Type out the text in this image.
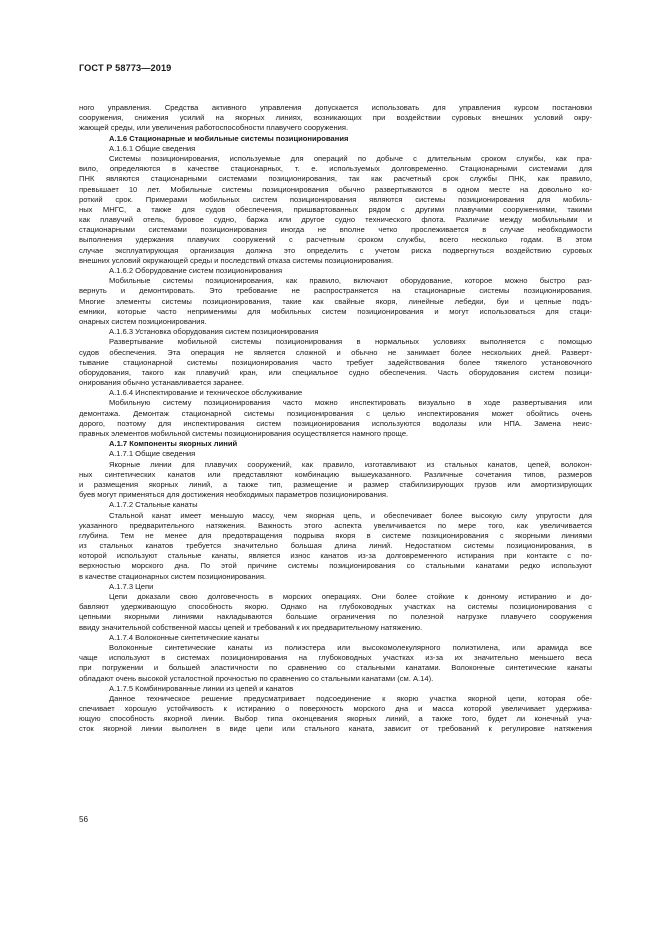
ГОСТ Р 58773—2019
ного управления. Средства активного управления допускается использовать для управления курсом постановки
сооружения, снижения усилий на якорных линиях, возникающих при воздействии суровых внешних условий окру-
жающей среды, или увеличения работоспособности плавучего сооружения.
А.1.6 Стационарные и мобильные системы позиционирования
А.1.6.1 Общие сведения
Системы позиционирования, используемые для операций по добыче с длительным сроком службы, как пра-
вило, определяются в качестве стационарных, т. е. используемых долговременно. Стационарными системами для
ПНК являются стационарными системами позиционирования, так как расчетный срок службы ПНК, как правило,
превышает 10 лет. Мобильные системы позиционирования обычно развертываются в одном месте на довольно ко-
роткий срок. Примерами мобильных систем позиционирования являются системы позиционирования для мобиль-
ных МНГС, а также для судов обеспечения, пришвартованных рядом с другими плавучими сооружениями, такими
как плавучий отель, буровое судно, баржа или другое судно технического флота. Различие между мобильными и
стационарными системами позиционирования иногда не вполне четко прослеживается в случае необходимости
выполнения удержания плавучих сооружений с расчетным сроком службы, всего несколько годам. В этом
случае эксплуатирующая организация должна это определить с учетом риска подвергнуться воздействию суровых
внешних условий окружающей среды и последствий отказа системы позиционирования.
А.1.6.2 Оборудование систем позиционирования
Мобильные системы позиционирования, как правило, включают оборудование, которое можно быстро раз-
вернуть и демонтировать. Это требование не распространяется на стационарные системы позиционирования.
Многие элементы системы позиционирования, такие как свайные якоря, линейные лебедки, буи и цепные подъ-
емники, которые часто неприменимы для мобильных систем позиционирования и могут использоваться для стаци-
онарных систем позиционирования.
А.1.6.3 Установка оборудования систем позиционирования
Развертывание мобильной системы позиционирования в нормальных условиях выполняется с помощью
судов обеспечения. Эта операция не является сложной и обычно не занимает более нескольких дней. Разверт-
тывание стационарной системы позиционирования часто требует задействования более тяжелого установочного
оборудования, такого как плавучий кран, или специальное судно обеспечения. Часть оборудования систем позици-
онирования обычно устанавливается заранее.
А.1.6.4 Инспектирование и техническое обслуживание
Мобильную систему позиционирования часто можно инспектировать визуально в ходе развертывания или
демонтажа. Демонтаж стационарной системы позиционирования с целью инспектирования может обойтись очень
дорого, поэтому для инспектирования систем позиционирования используются водолазы или НПА. Замена неис-
правных элементов мобильной системы позиционирования осуществляется намного проще.
А.1.7 Компоненты якорных линий
А.1.7.1 Общие сведения
Якорные линии для плавучих сооружений, как правило, изготавливают из стальных канатов, цепей, волокон-
ных синтетических канатов или представляют комбинацию вышеуказанного. Различные сочетания типов, размеров
и размещения якорных линий, а также тип, размещение и размер стабилизирующих грузов или амортизирующих
буев могут применяться для достижения необходимых параметров позиционирования.
А.1.7.2 Стальные канаты
Стальной канат имеет меньшую массу, чем якорная цепь, и обеспечивает более высокую силу упругости для
указанного предварительного натяжения. Важность этого аспекта увеличивается по мере того, как увеличивается
глубина. Тем не менее для предотвращения подрыва якоря в системе позиционирования с якорными линиями
из стальных канатов требуется значительно большая длина линий. Недостатком системы позиционирования, в
которой используют стальные канаты, является износ канатов из-за долговременного истирания при контакте с по-
верхностью морского дна. По этой причине системы позиционирования со стальными канатами редко используют
в качестве стационарных систем позиционирования.
А.1.7.3 Цепи
Цепи доказали свою долговечность в морских операциях. Они более стойкие к донному истиранию и до-
бавляют удерживающую способность якорю. Однако на глубоководных участках на системы позиционирования с
цепными якорными линиями накладываются большие ограничения по полезной нагрузке плавучего сооружения
ввиду значительной собственной массы цепей и требований к их предварительному натяжению.
А.1.7.4 Волоконные синтетические канаты
Волоконные синтетические канаты из полиэстера или высокомолекулярного полиэтилена, или арамида все
чаще используют в системах позиционирования на глубоководных участках из-за их значительно меньшего веса
при погружении и большей эластичности по сравнению со стальными канатами. Волоконные синтетические канаты
обладают очень высокой усталостной прочностью по сравнению со стальными канатами (см. А.14).
А.1.7.5 Комбинированные линии из цепей и канатов
Данное техническое решение предусматривает подсоединение к якорю участка якорной цепи, которая обе-
спечивает хорошую устойчивость к истиранию о поверхность морского дна и масса которой увеличивает удержива-
ющую способность якорной линии. Выбор типа оконцевания якорных линий, а также того, будет ли конечный уча-
сток якорной линии выполнен в виде цепи или стального каната, зависит от требований к регулировке натяжения
56
